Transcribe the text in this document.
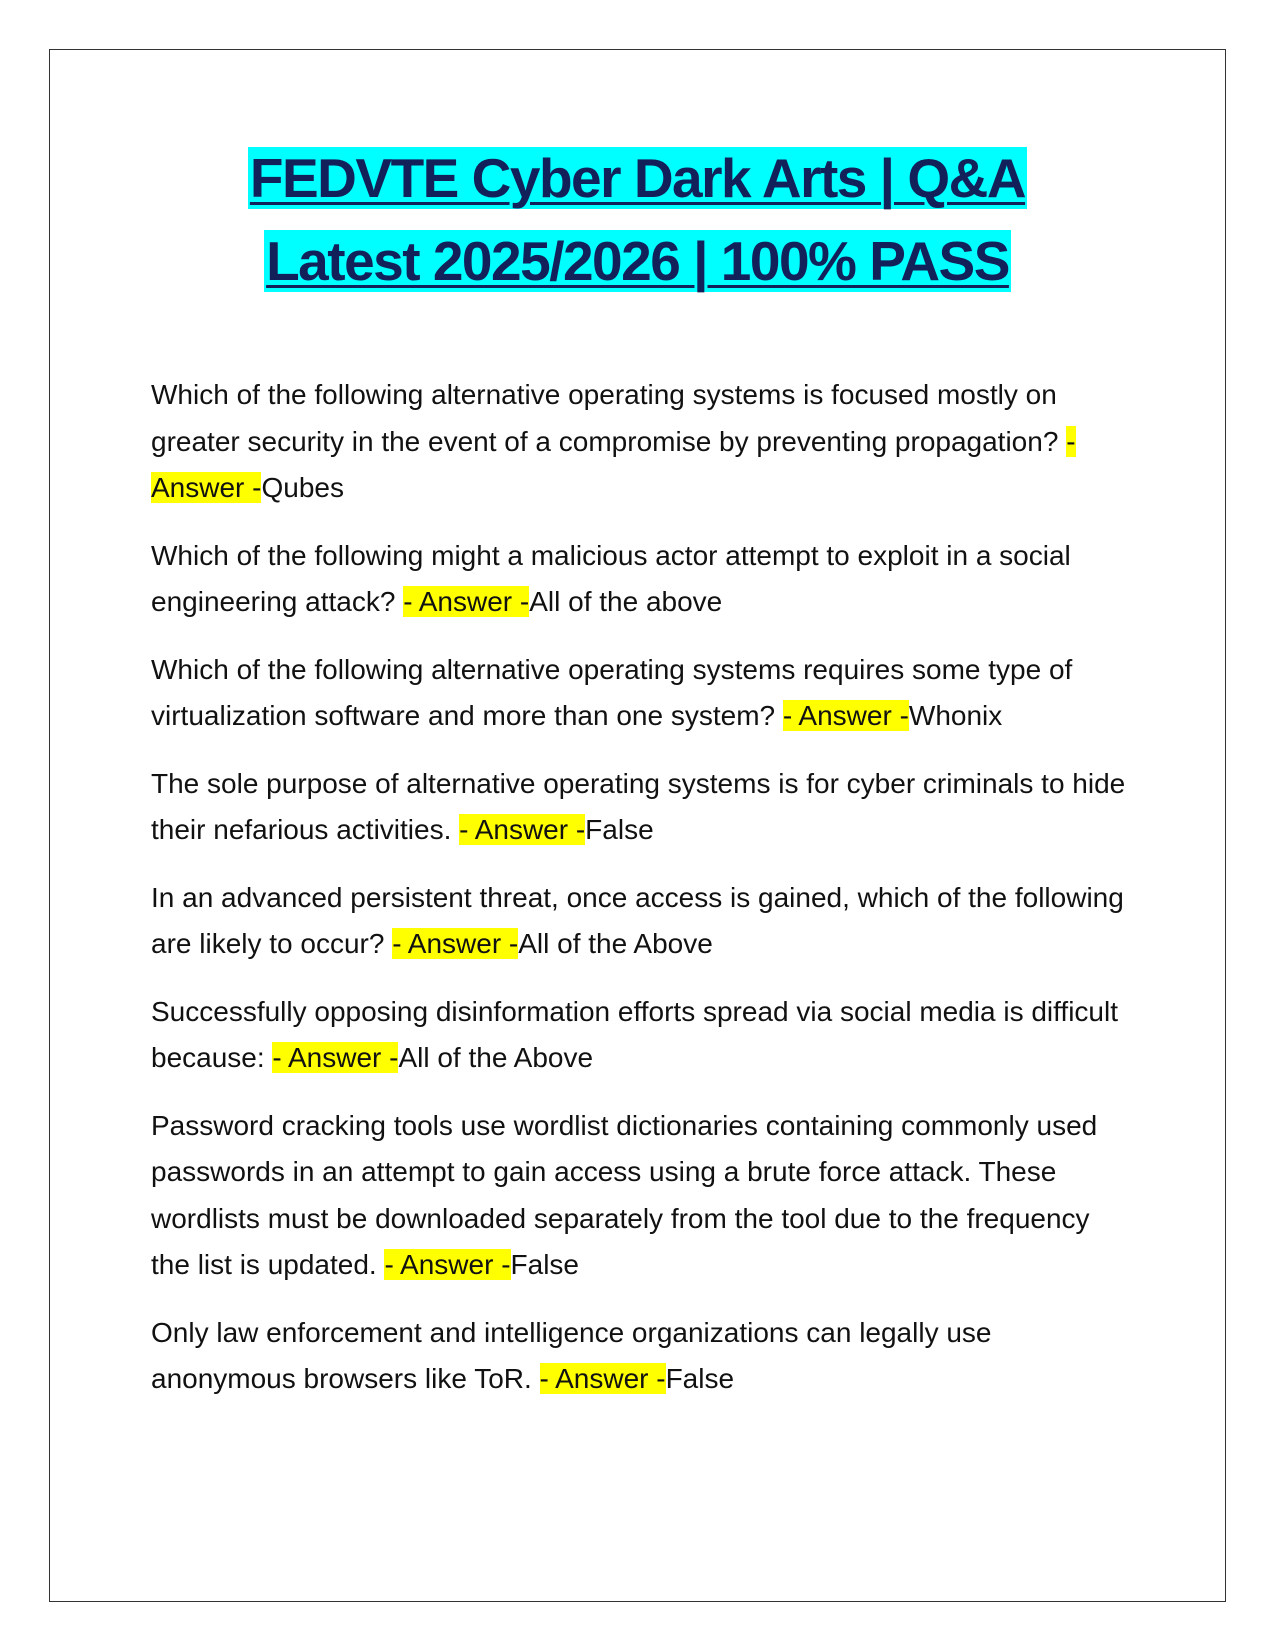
FEDVTE Cyber Dark Arts | Q&A
Latest 2025/2026 | 100% PASS

Which of the following alternative operating systems is focused mostly on greater security in the event of a compromise by preventing propagation? - Answer -Qubes

Which of the following might a malicious actor attempt to exploit in a social engineering attack? - Answer -All of the above

Which of the following alternative operating systems requires some type of virtualization software and more than one system? - Answer -Whonix

The sole purpose of alternative operating systems is for cyber criminals to hide their nefarious activities. - Answer -False

In an advanced persistent threat, once access is gained, which of the following are likely to occur? - Answer -All of the Above

Successfully opposing disinformation efforts spread via social media is difficult because: - Answer -All of the Above

Password cracking tools use wordlist dictionaries containing commonly used passwords in an attempt to gain access using a brute force attack. These wordlists must be downloaded separately from the tool due to the frequency the list is updated. - Answer -False

Only law enforcement and intelligence organizations can legally use anonymous browsers like ToR. - Answer -False
